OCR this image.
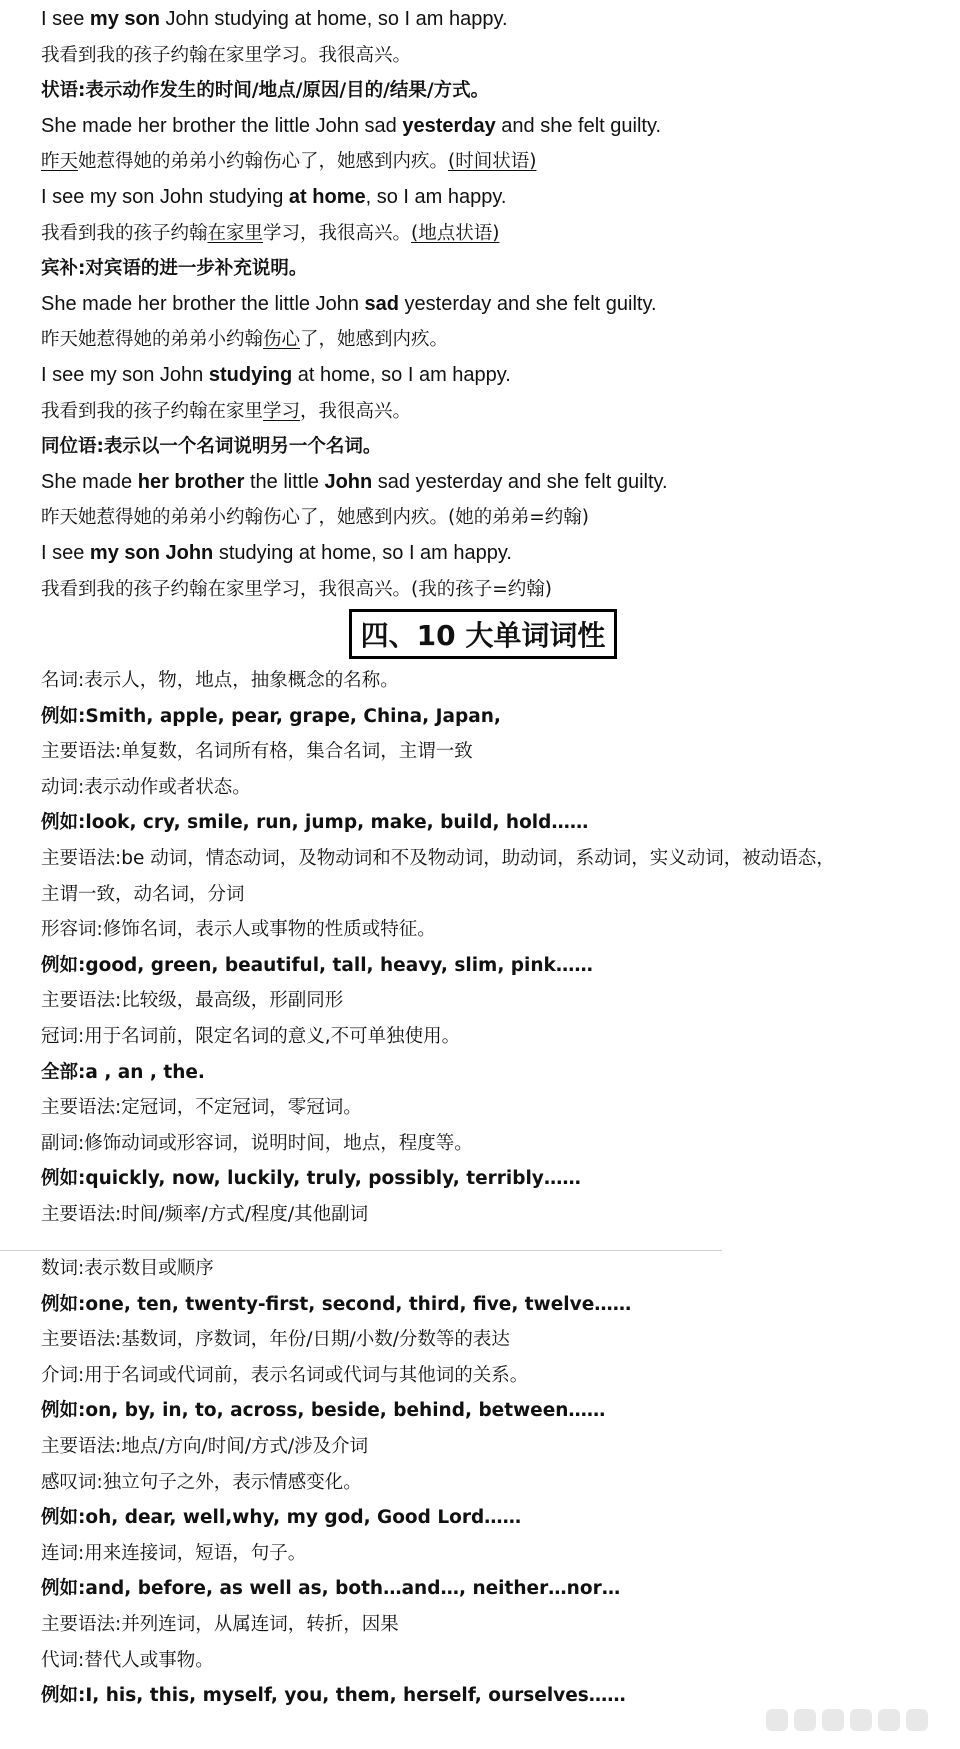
I see my son John studying at home, so I am happy.
我看到我的孩子约翰在家里学习。我很高兴。
状语:表示动作发生的时间/地点/原因/目的/结果/方式。
She made her brother the little John sad yesterday and she felt guilty.
昨天她惹得她的弟弟小约翰伤心了，她感到内疚。(时间状语)
I see my son John studying at home, so I am happy.
我看到我的孩子约翰在家里学习，我很高兴。(地点状语)
宾补:对宾语的进一步补充说明。
She made her brother the little John sad yesterday and she felt guilty.
昨天她惹得她的弟弟小约翰伤心了，她感到内疚。
I see my son John studying at home, so I am happy.
我看到我的孩子约翰在家里学习，我很高兴。
同位语:表示以一个名词说明另一个名词。
She made her brother the little John sad yesterday and she felt guilty.
昨天她惹得她的弟弟小约翰伤心了，她感到内疚。(她的弟弟=约翰)
I see my son John studying at home, so I am happy.
我看到我的孩子约翰在家里学习，我很高兴。(我的孩子=约翰)
四、10 大单词词性
名词:表示人，物，地点，抽象概念的名称。
例如:Smith, apple, pear, grape, China, Japan,
主要语法:单复数，名词所有格，集合名词，主谓一致
动词:表示动作或者状态。
例如:look, cry, smile, run, jump, make, build, hold……
主要语法:be 动词，情态动词，及物动词和不及物动词，助动词，系动词，实义动词，被动语态，
主谓一致，动名词，分词
形容词:修饰名词，表示人或事物的性质或特征。
例如:good, green, beautiful, tall, heavy, slim, pink……
主要语法:比较级，最高级，形副同形
冠词:用于名词前，限定名词的意义,不可单独使用。
全部:a , an , the.
主要语法:定冠词，不定冠词，零冠词。
副词:修饰动词或形容词，说明时间，地点，程度等。
例如:quickly, now, luckily, truly, possibly, terribly……
主要语法:时间/频率/方式/程度/其他副词
数词:表示数目或顺序
例如:one, ten, twenty-first, second, third, five, twelve……
主要语法:基数词，序数词，年份/日期/小数/分数等的表达
介词:用于名词或代词前，表示名词或代词与其他词的关系。
例如:on, by, in, to, across, beside, behind, between……
主要语法:地点/方向/时间/方式/涉及介词
感叹词:独立句子之外，表示情感变化。
例如:oh, dear, well,why, my god, Good Lord……
连词:用来连接词，短语，句子。
例如:and, before, as well as, both…and…, neither…nor…
主要语法:并列连词，从属连词，转折，因果
代词:替代人或事物。
例如:I, his, this, myself, you, them, herself, ourselves……
